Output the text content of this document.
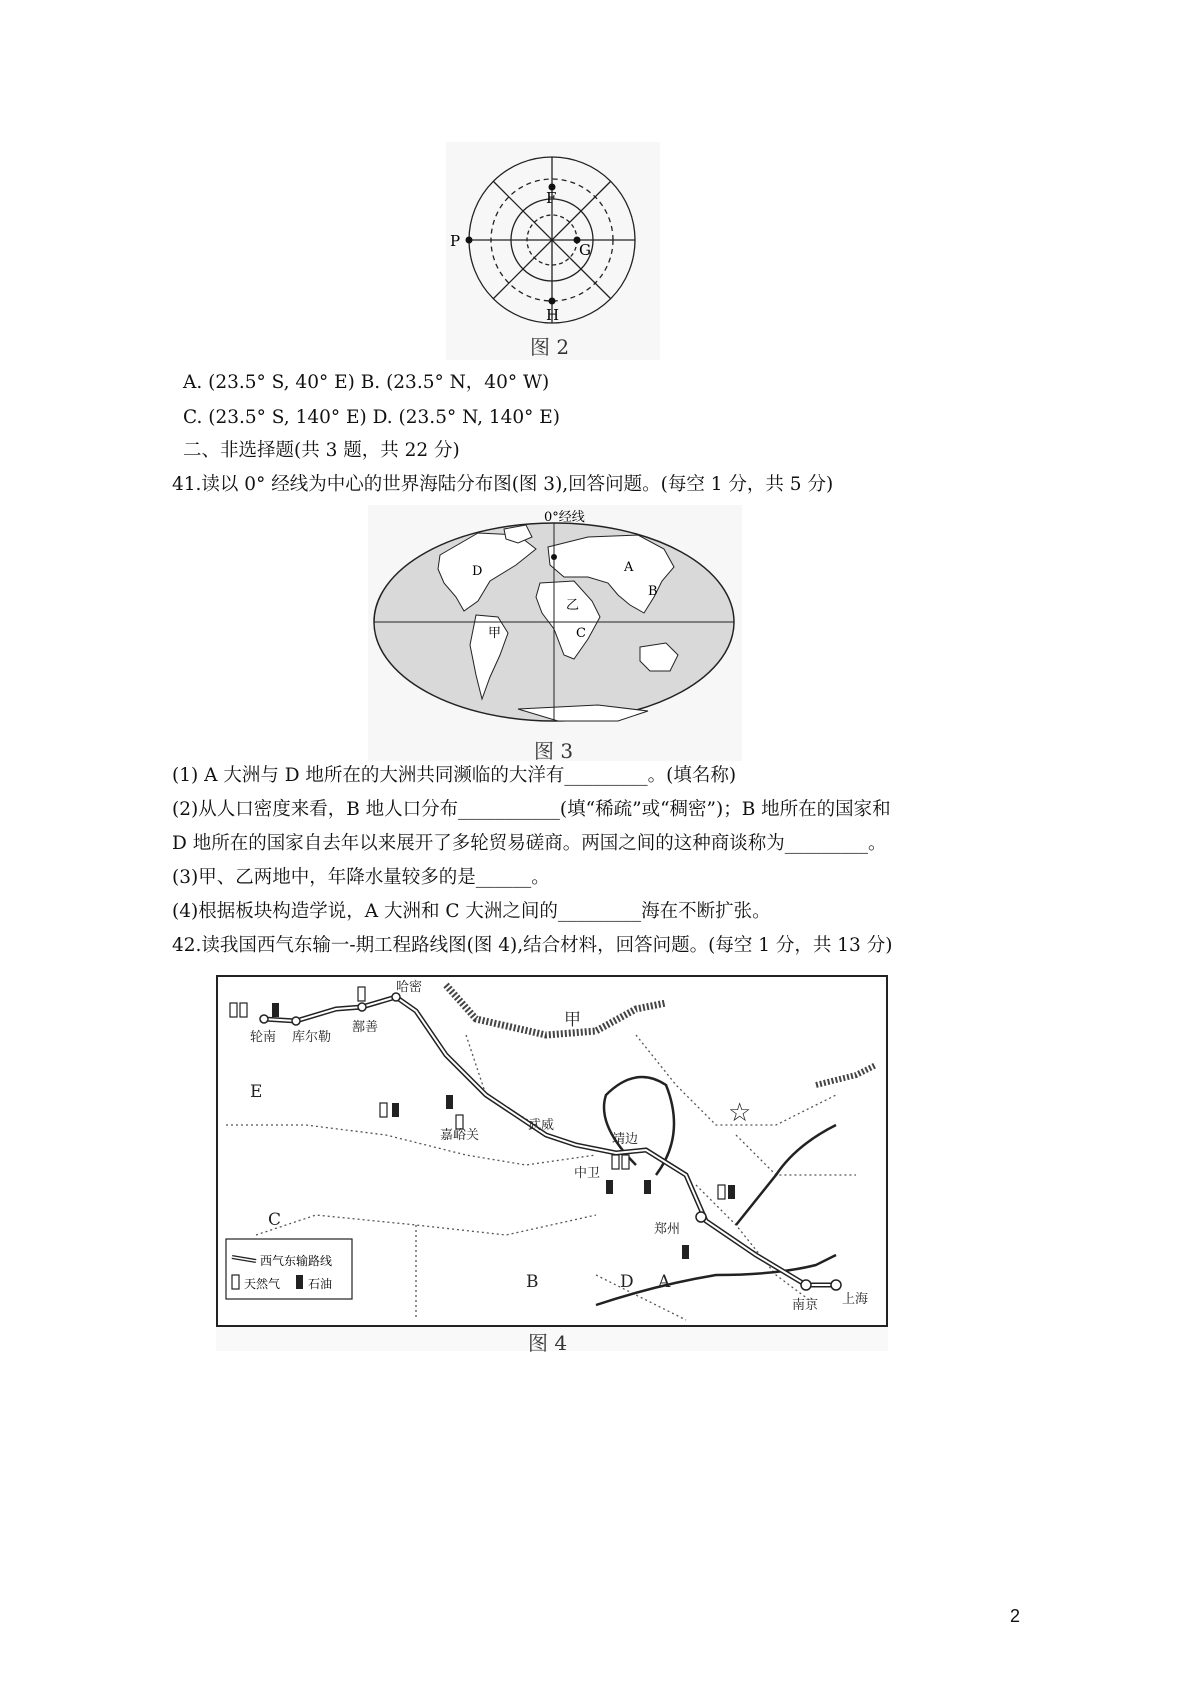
F
G
H
P
图 2
A. (23.5° S, 40° E) B. (23.5° N，40° W)
C. (23.5° S, 140° E) D. (23.5° N, 140° E)
二、非选择题(共 3 题，共 22 分)
41.读以 0° 经线为中心的世界海陆分布图(图 3),回答问题。(每空 1 分，共 5 分)
0°经线
D	A
B
乙
C
甲
图 3
(1) A 大洲与 D 地所在的大洲共同濒临的大洋有_________。(填名称)
(2)从人口密度来看，B 地人口分布___________(填“稀疏”或“稠密”)；B 地所在的国家和
D 地所在的国家自去年以来展开了多轮贸易磋商。两国之间的这种商谈称为_________。
(3)甲、乙两地中，年降水量较多的是______。
(4)根据板块构造学说，A 大洲和 C 大洲之间的_________海在不断扩张。
42.读我国西气东输一-期工程路线图(图 4),结合材料，回答问题。(每空 1 分，共 13 分)
☆
轮南 库尔勒
鄯善
哈密
嘉峪关
武威
中卫
靖边
郑州
南京 上海
甲
E
C
B	D A
西气东输路线
天然气 石油
图 4
2
